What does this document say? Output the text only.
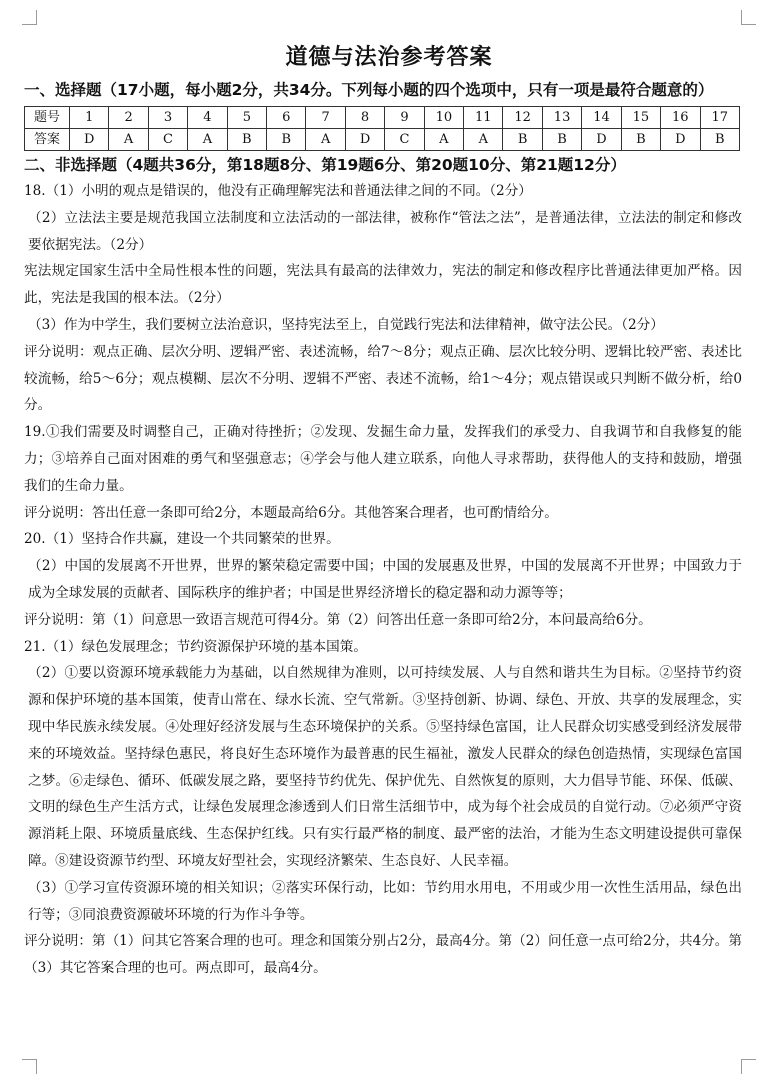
道德与法治参考答案

一、选择题（17小题，每小题2分，共34分。下列每小题的四个选项中，只有一项是最符合题意的）

题号	1	2	3	4	5	6	7	8	9	10	11	12	13	14	15	16	17
答案	D	A	C	A	B	B	A	D	C	A	A	B	B	D	B	D	B

二、非选择题（4题共36分，第18题8分、第19题6分、第20题10分、第21题12分）

18.（1）小明的观点是错误的，他没有正确理解宪法和普通法律之间的不同。（2分）

（2）立法法主要是规范我国立法制度和立法活动的一部法律，被称作“管法之法”，是普通法律，立法法的制定和修改要依据宪法。（2分）

宪法规定国家生活中全局性根本性的问题，宪法具有最高的法律效力，宪法的制定和修改程序比普通法律更加严格。因此，宪法是我国的根本法。（2分）

（3）作为中学生，我们要树立法治意识，坚持宪法至上，自觉践行宪法和法律精神，做守法公民。（2分）

评分说明：观点正确、层次分明、逻辑严密、表述流畅，给7～8分；观点正确、层次比较分明、逻辑比较严密、表述比较流畅，给5～6分；观点模糊、层次不分明、逻辑不严密、表述不流畅，给1～4分；观点错误或只判断不做分析，给0分。

19.①我们需要及时调整自己，正确对待挫折；②发现、发掘生命力量，发挥我们的承受力、自我调节和自我修复的能力；③培养自己面对困难的勇气和坚强意志；④学会与他人建立联系，向他人寻求帮助，获得他人的支持和鼓励，增强我们的生命力量。

评分说明：答出任意一条即可给2分，本题最高给6分。其他答案合理者，也可酌情给分。

20.（1）坚持合作共赢，建设一个共同繁荣的世界。

（2）中国的发展离不开世界，世界的繁荣稳定需要中国；中国的发展惠及世界，中国的发展离不开世界；中国致力于成为全球发展的贡献者、国际秩序的维护者；中国是世界经济增长的稳定器和动力源等等；

评分说明：第（1）问意思一致语言规范可得4分。第（2）问答出任意一条即可给2分，本问最高给6分。

21.（1）绿色发展理念；节约资源保护环境的基本国策。

（2）①要以资源环境承载能力为基础，以自然规律为准则，以可持续发展、人与自然和谐共生为目标。②坚持节约资源和保护环境的基本国策，使青山常在、绿水长流、空气常新。③坚持创新、协调、绿色、开放、共享的发展理念，实现中华民族永续发展。④处理好经济发展与生态环境保护的关系。⑤坚持绿色富国，让人民群众切实感受到经济发展带来的环境效益。坚持绿色惠民，将良好生态环境作为最普惠的民生福祉，激发人民群众的绿色创造热情，实现绿色富国之梦。⑥走绿色、循环、低碳发展之路，要坚持节约优先、保护优先、自然恢复的原则，大力倡导节能、环保、低碳、文明的绿色生产生活方式，让绿色发展理念渗透到人们日常生活细节中，成为每个社会成员的自觉行动。⑦必须严守资源消耗上限、环境质量底线、生态保护红线。只有实行最严格的制度、最严密的法治，才能为生态文明建设提供可靠保障。⑧建设资源节约型、环境友好型社会，实现经济繁荣、生态良好、人民幸福。

（3）①学习宣传资源环境的相关知识；②落实环保行动，比如：节约用水用电，不用或少用一次性生活用品，绿色出行等；③同浪费资源破坏环境的行为作斗争等。

评分说明：第（1）问其它答案合理的也可。理念和国策分别占2分，最高4分。第（2）问任意一点可给2分，共4分。第（3）其它答案合理的也可。两点即可，最高4分。
